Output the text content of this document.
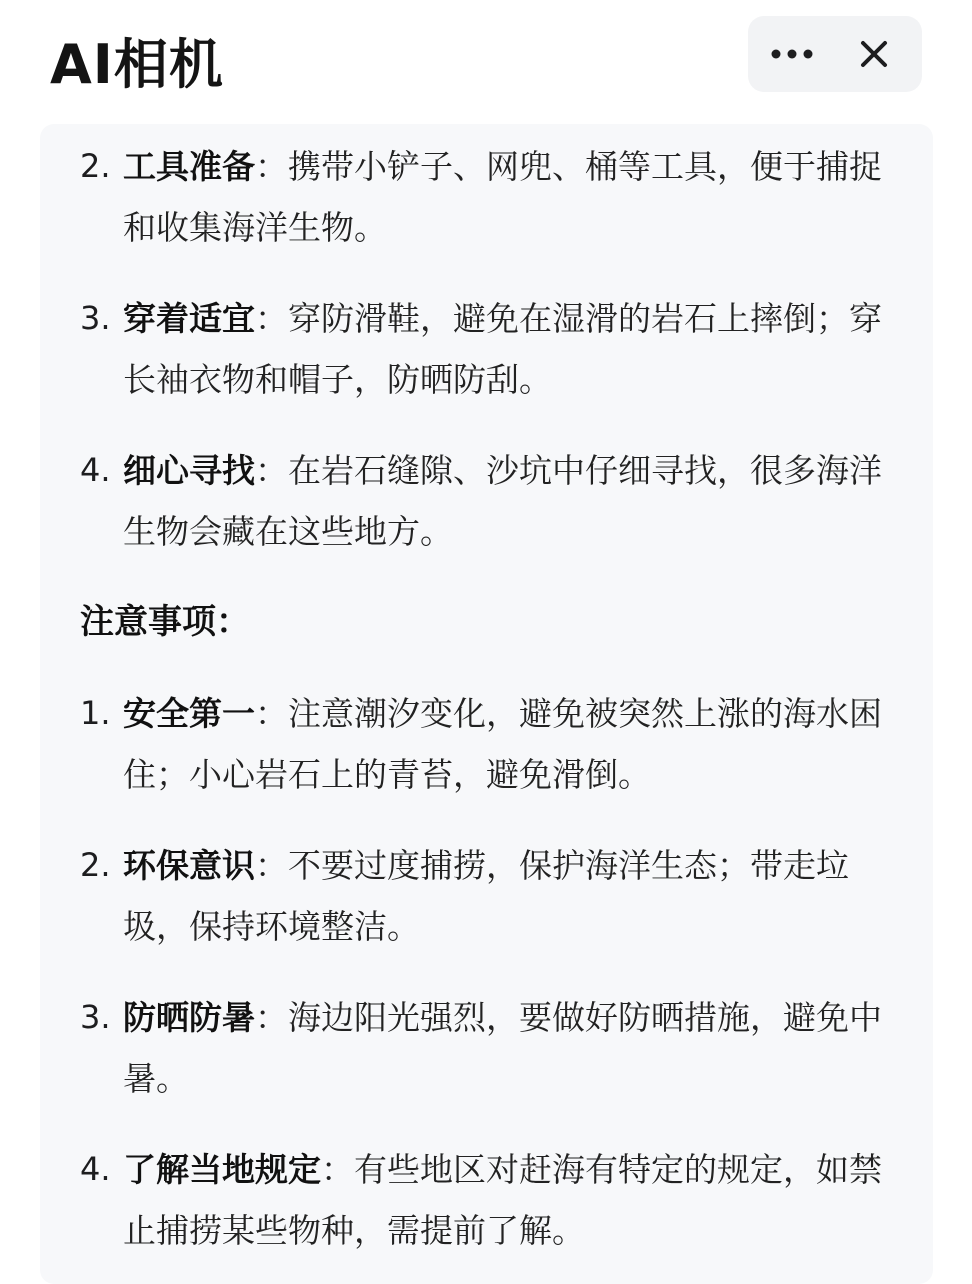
AI相机
2. 工具准备：携带小铲子、网兜、桶等工具，便于捕捉和收集海洋生物。
3. 穿着适宜：穿防滑鞋，避免在湿滑的岩石上摔倒；穿长袖衣物和帽子，防晒防刮。
4. 细心寻找：在岩石缝隙、沙坑中仔细寻找，很多海洋生物会藏在这些地方。
注意事项：
1. 安全第一：注意潮汐变化，避免被突然上涨的海水困住；小心岩石上的青苔，避免滑倒。
2. 环保意识：不要过度捕捞，保护海洋生态；带走垃圾，保持环境整洁。
3. 防晒防暑：海边阳光强烈，要做好防晒措施，避免中暑。
4. 了解当地规定：有些地区对赶海有特定的规定，如禁止捕捞某些物种，需提前了解。
